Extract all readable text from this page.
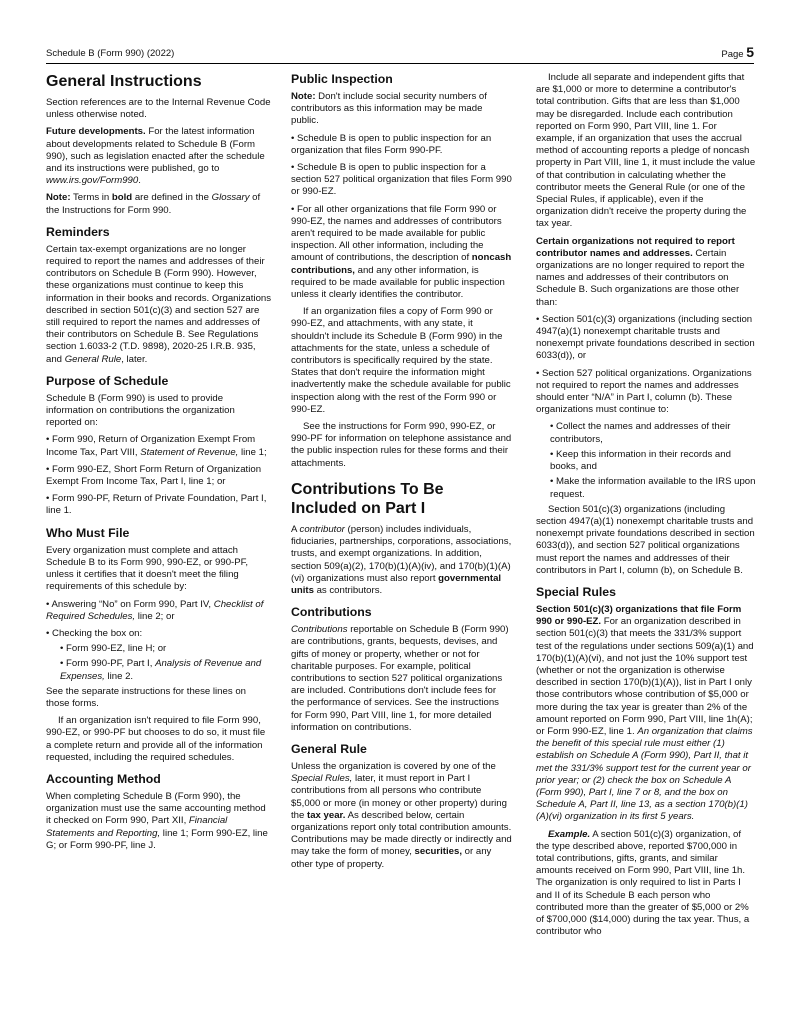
Schedule B (Form 990) (2022)	Page 5
General Instructions

Section references are to the Internal Revenue Code unless otherwise noted.

Future developments. For the latest information about developments related to Schedule B (Form 990), such as legislation enacted after the schedule and its instructions were published, go to www.irs.gov/Form990.

Note: Terms in bold are defined in the Glossary of the Instructions for Form 990.

Reminders

Certain tax-exempt organizations are no longer required to report the names and addresses of their contributors on Schedule B (Form 990). However, these organizations must continue to keep this information in their books and records. Organizations described in section 501(c)(3) and section 527 are still required to report the names and addresses of their contributors on Schedule B. See Regulations section 1.6033-2 (T.D. 9898), 2020-25 I.R.B. 935, and General Rule, later.

Purpose of Schedule

Schedule B (Form 990) is used to provide information on contributions the organization reported on:

• Form 990, Return of Organization Exempt From Income Tax, Part VIII, Statement of Revenue, line 1;

• Form 990-EZ, Short Form Return of Organization Exempt From Income Tax, Part I, line 1; or

• Form 990-PF, Return of Private Foundation, Part I, line 1.

Who Must File

Every organization must complete and attach Schedule B to its Form 990, 990-EZ, or 990-PF, unless it certifies that it doesn't meet the filing requirements of this schedule by:

• Answering “No” on Form 990, Part IV, Checklist of Required Schedules, line 2; or

• Checking the box on:

• Form 990-EZ, line H; or

• Form 990-PF, Part I, Analysis of Revenue and Expenses, line 2.

See the separate instructions for these lines on those forms.

If an organization isn't required to file Form 990, 990-EZ, or 990-PF but chooses to do so, it must file a complete return and provide all of the information requested, including the required schedules.

Accounting Method

When completing Schedule B (Form 990), the organization must use the same accounting method it checked on Form 990, Part XII, Financial Statements and Reporting, line 1; Form 990-EZ, line G; or Form 990-PF, line J.

Public Inspection

Note: Don't include social security numbers of contributors as this information may be made public.

• Schedule B is open to public inspection for an organization that files Form 990-PF.

• Schedule B is open to public inspection for a section 527 political organization that files Form 990 or 990-EZ.

• For all other organizations that file Form 990 or 990-EZ, the names and addresses of contributors aren't required to be made available for public inspection. All other information, including the amount of contributions, the description of noncash contributions, and any other information, is required to be made available for public inspection unless it clearly identifies the contributor.

If an organization files a copy of Form 990 or 990-EZ, and attachments, with any state, it shouldn't include its Schedule B (Form 990) in the attachments for the state, unless a schedule of contributors is specifically required by the state. States that don't require the information might inadvertently make the schedule available for public inspection along with the rest of the Form 990 or 990-EZ.

See the instructions for Form 990, 990-EZ, or 990-PF for information on telephone assistance and the public inspection rules for these forms and their attachments.

Contributions To Be Included on Part I

A contributor (person) includes individuals, fiduciaries, partnerships, corporations, associations, trusts, and exempt organizations. In addition, section 509(a)(2), 170(b)(1)(A)(iv), and 170(b)(1)(A)(vi) organizations must also report governmental units as contributors.

Contributions

Contributions reportable on Schedule B (Form 990) are contributions, grants, bequests, devises, and gifts of money or property, whether or not for charitable purposes. For example, political contributions to section 527 political organizations are included. Contributions don't include fees for the performance of services. See the instructions for Form 990, Part VIII, line 1, for more detailed information on contributions.

General Rule

Unless the organization is covered by one of the Special Rules, later, it must report in Part I contributions from all persons who contribute $5,000 or more (in money or other property) during the tax year. As described below, certain organizations report only total contribution amounts. Contributions may be made directly or indirectly and may take the form of money, securities, or any other type of property.

Include all separate and independent gifts that are $1,000 or more to determine a contributor's total contribution. Gifts that are less than $1,000 may be disregarded. Include each contribution reported on Form 990, Part VIII, line 1. For example, if an organization that uses the accrual method of accounting reports a pledge of noncash property in Part VIII, line 1, it must include the value of that contribution in calculating whether the contributor meets the General Rule (or one of the Special Rules, if applicable), even if the organization didn't receive the property during the tax year.

Certain organizations not required to report contributor names and addresses. Certain organizations are no longer required to report the names and addresses of their contributors on Schedule B. Such organizations are those other than:

• Section 501(c)(3) organizations (including section 4947(a)(1) nonexempt charitable trusts and nonexempt private foundations described in section 6033(d)), or

• Section 527 political organizations. Organizations not required to report the names and addresses should enter “N/A” in Part I, column (b). These organizations must continue to:

• Collect the names and addresses of their contributors,

• Keep this information in their records and books, and

• Make the information available to the IRS upon request.

Section 501(c)(3) organizations (including section 4947(a)(1) nonexempt charitable trusts and nonexempt private foundations described in section 6033(d)), and section 527 political organizations must report the names and addresses of their contributors in Part I, column (b), on Schedule B.

Special Rules

Section 501(c)(3) organizations that file Form 990 or 990-EZ. For an organization described in section 501(c)(3) that meets the 331/3% support test of the regulations under sections 509(a)(1) and 170(b)(1)(A)(vi), and not just the 10% support test (whether or not the organization is otherwise described in section 170(b)(1)(A)), list in Part I only those contributors whose contribution of $5,000 or more during the tax year is greater than 2% of the amount reported on Form 990, Part VIII, line 1h(A); or Form 990-EZ, line 1. An organization that claims the benefit of this special rule must either (1) establish on Schedule A (Form 990), Part II, that it met the 331/3% support test for the current year or prior year; or (2) check the box on Schedule A (Form 990), Part I, line 7 or 8, and the box on Schedule A, Part II, line 13, as a section 170(b)(1)(A)(vi) organization in its first 5 years.

Example. A section 501(c)(3) organization, of the type described above, reported $700,000 in total contributions, gifts, grants, and similar amounts received on Form 990, Part VIII, line 1h. The organization is only required to list in Parts I and II of its Schedule B each person who contributed more than the greater of $5,000 or 2% of $700,000 ($14,000) during the tax year. Thus, a contributor who
